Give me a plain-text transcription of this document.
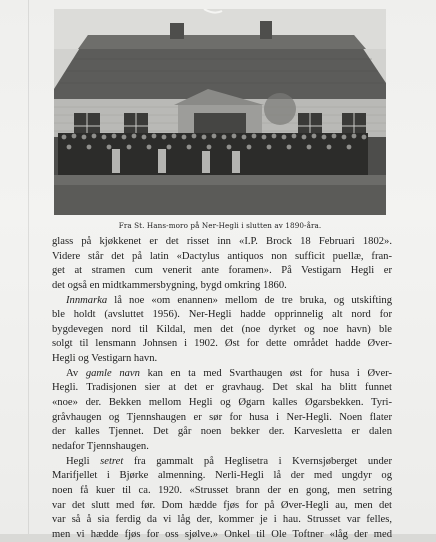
Fra St. Hans-moro på Ner-Hegli i slutten av 1890-åra.
glass på kjøkkenet er det risset inn «I.P. Brock 18 Februari 1802».
Videre står det på latin «Dactylus antiquos non sufficit puellæ, fran-
get at stramen cum venerit ante foramen». På Vestigarn Hegli er
det også en midtkammersbygning, bygd omkring 1860.
Innmarka lå noe «om enannen» mellom de tre bruka, og utskifting
ble holdt (avsluttet 1956). Ner-Hegli hadde opprinnelig alt nord for
bygdevegen nord til Kildal, men det (noe dyrket og noe havn) ble
solgt til lensmann Johnsen i 1902. Øst for dette området hadde Øver-
Hegli og Vestigarn havn.
Av gamle navn kan en ta med Svarthaugen øst for husa i Øver-
Hegli. Tradisjonen sier at det er gravhaug. Det skal ha blitt funnet
«noe» der. Bekken mellom Hegli og Øgarn kalles Øgarsbekken. Tyri-
gråvhaugen og Tjennshaugen er sør for husa i Ner-Hegli. Noen flater
der kalles Tjennet. Det går noen bekker der. Karvesletta er dalen
nedafor Tjennshaugen.
Hegli setret fra gammalt på Heglisetra i Kvernsjøberget under
Marifjellet i Bjørke almenning. Nerli-Hegli lå der med ungdyr og
noen få kuer til ca. 1920. «Strusset brann der en gong, men setring
var det slutt med før. Dom hædde fjøs for på Øver-Hegli au, men det
var så å sia ferdig da vi låg der, kommer je i hau. Strusset var felles,
men vi hædde fjøs for oss sjølve.» Onkel til Ole Toftner «låg der med
